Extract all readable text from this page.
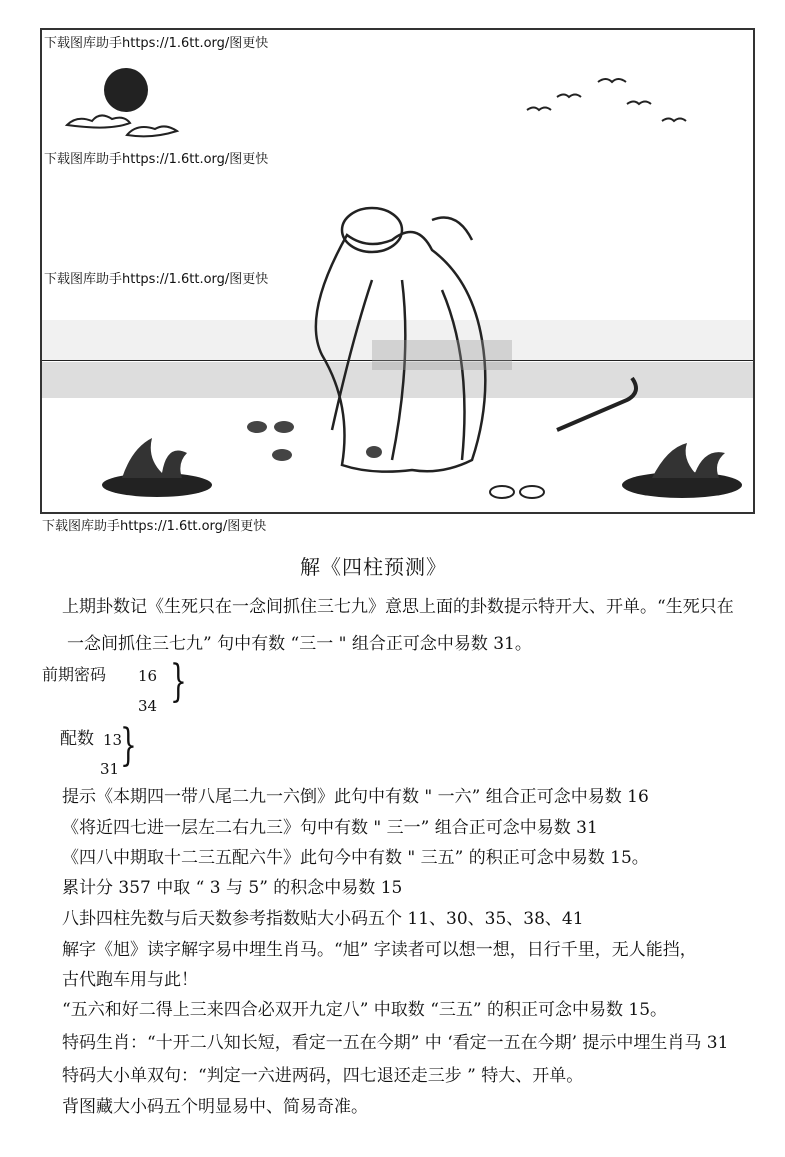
下载图库助手https://1.6tt.org/图更快
下载图库助手https://1.6tt.org/图更快
下载图库助手https://1.6tt.org/图更快
下载图库助手https://1.6tt.org/图更快
解《四柱预测》
上期卦数记《生死只在一念间抓住三七九》意思上面的卦数提示特开大、开单。“生死只在
一念间抓住三七九” 句中有数 “三一 " 组合正可念中易数 31。
前期密码 16
34 }
配数 13
31 }
提示《本期四一带八尾二九一六倒》此句中有数 " 一六” 组合正可念中易数 16
《将近四七进一层左二右九三》句中有数 " 三一” 组合正可念中易数 31
《四八中期取十二三五配六牛》此句今中有数 " 三五” 的积正可念中易数 15。
累计分 357 中取 “ 3 与 5” 的积念中易数 15
八卦四柱先数与后天数参考指数贴大小码五个 11、30、35、38、41
解字《旭》读字解字易中埋生肖马。“旭” 字读者可以想一想，日行千里，无人能挡，
古代跑车用与此！
“五六和好二得上三来四合必双开九定八” 中取数 “三五” 的积正可念中易数 15。
特码生肖：“十开二八知长短，看定一五在今期” 中 ‘看定一五在今期’ 提示中埋生肖马 31
特码大小单双句：“判定一六进两码，四七退还走三步 ” 特大、开单。
背图藏大小码五个明显易中、简易奇准。
